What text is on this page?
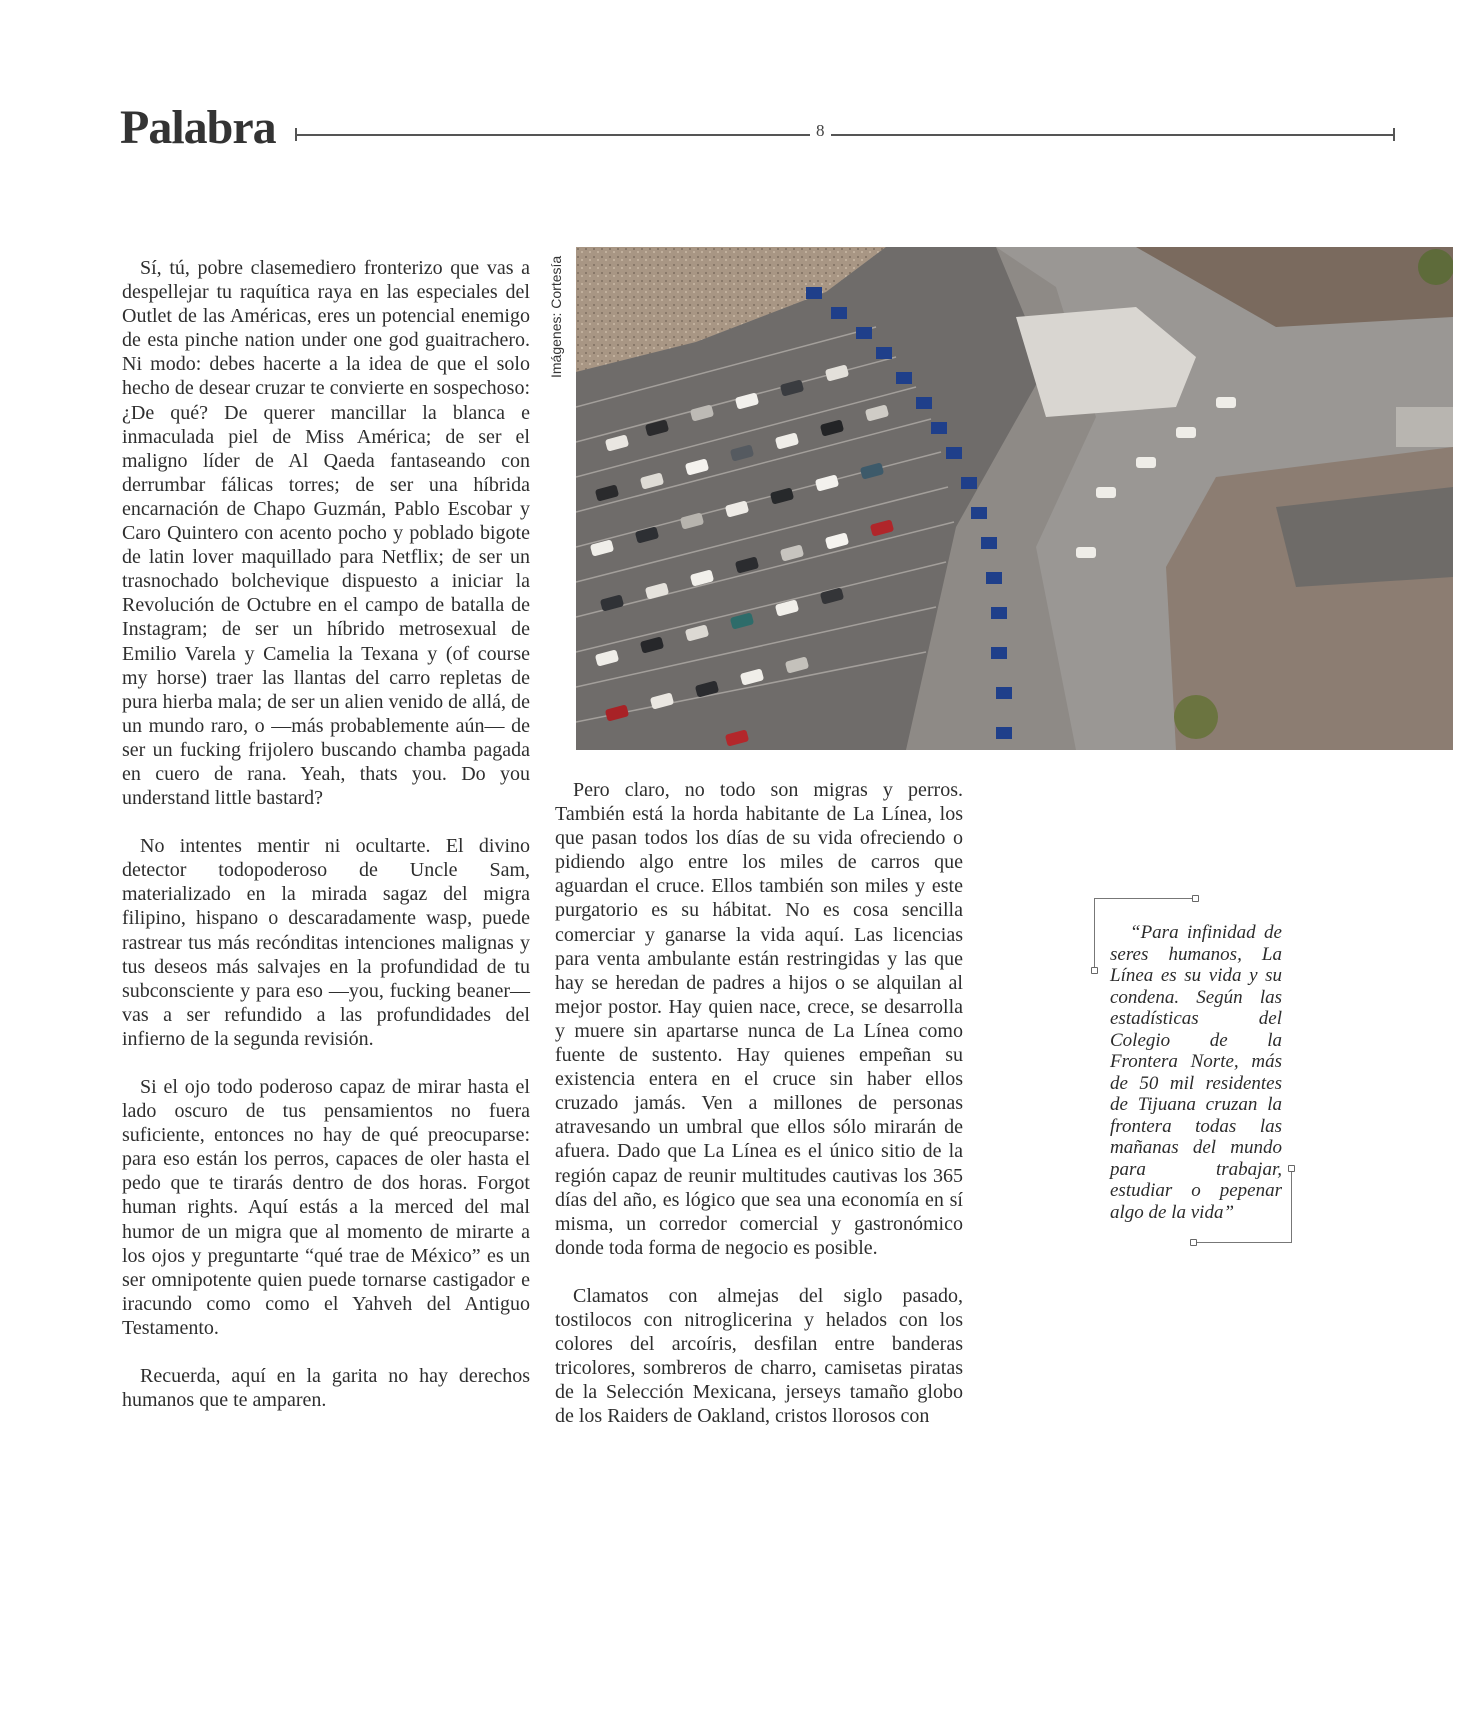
Palabra	8

Sí, tú, pobre clasemediero fronterizo que vas a despellejar tu raquítica raya en las especiales del Outlet de las Américas, eres un potencial enemigo de esta pinche nation under one god guaitrachero. Ni modo: debes hacerte a la idea de que el solo hecho de desear cruzar te convierte en sospechoso: ¿De qué? De querer mancillar la blanca e inmaculada piel de Miss América; de ser el maligno líder de Al Qaeda fantaseando con derrumbar fálicas torres; de ser una híbrida encarnación de Chapo Guzmán, Pablo Escobar y Caro Quintero con acento pocho y poblado bigote de latin lover maquillado para Netflix; de ser un trasnochado bolchevique dispuesto a iniciar la Revolución de Octubre en el campo de batalla de Instagram; de ser un híbrido metrosexual de Emilio Varela y Camelia la Texana y (of course my horse) traer las llantas del carro repletas de pura hierba mala; de ser un alien venido de allá, de un mundo raro, o —más probablemente aún— de ser un fucking frijolero buscando chamba pagada en cuero de rana. Yeah, thats you. Do you understand little bastard?

No intentes mentir ni ocultarte. El divino detector todopoderoso de Uncle Sam, materializado en la mirada sagaz del migra filipino, hispano o descaradamente wasp, puede rastrear tus más recónditas intenciones malignas y tus deseos más salvajes en la profundidad de tu subconsciente y para eso —you, fucking beaner— vas a ser refundido a las profundidades del infierno de la segunda revisión.

Si el ojo todo poderoso capaz de mirar hasta el lado oscuro de tus pensamientos no fuera suficiente, entonces no hay de qué preocuparse: para eso están los perros, capaces de oler hasta el pedo que te tirarás dentro de dos horas. Forgot human rights. Aquí estás a la merced del mal humor de un migra que al momento de mirarte a los ojos y preguntarte “qué trae de México” es un ser omnipotente quien puede tornarse castigador e iracundo como como el Yahveh del Antiguo Testamento.

Recuerda, aquí en la garita no hay derechos humanos que te amparen.

Imágenes: Cortesía

Pero claro, no todo son migras y perros. También está la horda habitante de La Línea, los que pasan todos los días de su vida ofreciendo o pidiendo algo entre los miles de carros que aguardan el cruce. Ellos también son miles y este purgatorio es su hábitat. No es cosa sencilla comerciar y ganarse la vida aquí. Las licencias para venta ambulante están restringidas y las que hay se heredan de padres a hijos o se alquilan al mejor postor. Hay quien nace, crece, se desarrolla y muere sin apartarse nunca de La Línea como fuente de sustento. Hay quienes empeñan su existencia entera en el cruce sin haber ellos cruzado jamás. Ven a millones de personas atravesando un umbral que ellos sólo mirarán de afuera. Dado que La Línea es el único sitio de la región capaz de reunir multitudes cautivas los 365 días del año, es lógico que sea una economía en sí misma, un corredor comercial y gastronómico donde toda forma de negocio es posible.

Clamatos con almejas del siglo pasado, tostilocos con nitroglicerina y helados con los colores del arcoíris, desfilan entre banderas tricolores, sombreros de charro, camisetas piratas de la Selección Mexicana, jerseys tamaño globo de los Raiders de Oakland, cristos llorosos con

“Para infinidad de seres humanos, La Línea es su vida y su condena. Según las estadísticas del Colegio de la Frontera Norte, más de 50 mil residentes de Tijuana cruzan la frontera todas las mañanas del mundo para trabajar, estudiar o pepenar algo de la vida”
